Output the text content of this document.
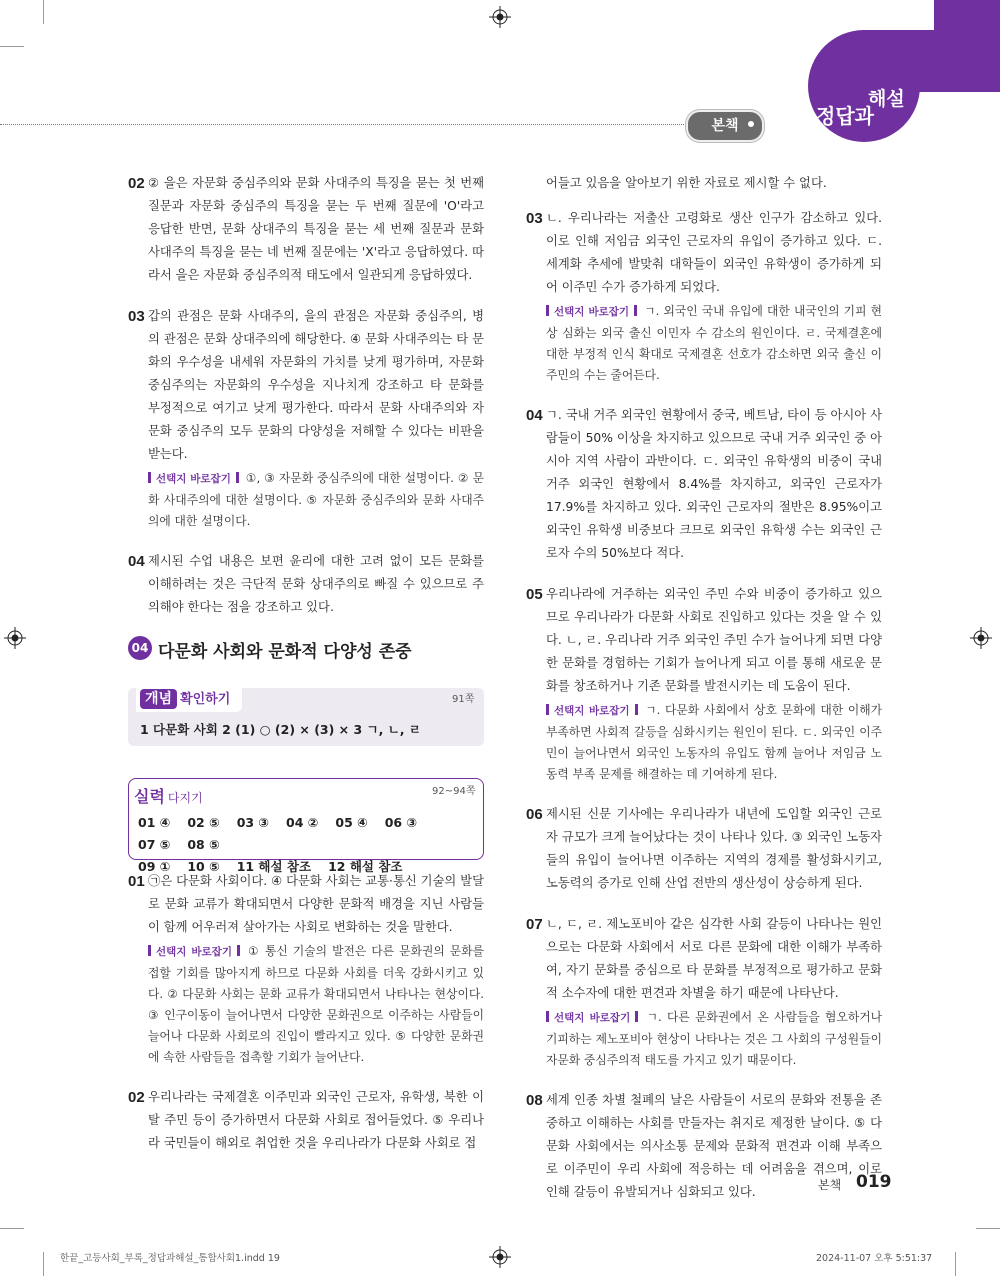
본책	정답과
해설
02 ② 을은 자문화 중심주의와 문화 사대주의 특징을 묻는 첫 번째 질문과 자문화 중심주의 특징을 묻는 두 번째 질문에 'O'라고 응답한 반면, 문화 상대주의 특징을 묻는 세 번째 질문과 문화 사대주의 특징을 묻는 네 번째 질문에는 'X'라고 응답하였다. 따라서 을은 자문화 중심주의적 태도에서 일관되게 응답하였다.
03 갑의 관점은 문화 사대주의, 을의 관점은 자문화 중심주의, 병의 관점은 문화 상대주의에 해당한다. ④ 문화 사대주의는 타 문화의 우수성을 내세워 자문화의 가치를 낮게 평가하며, 자문화 중심주의는 자문화의 우수성을 지나치게 강조하고 타 문화를 부정적으로 여기고 낮게 평가한다. 따라서 문화 사대주의와 자문화 중심주의 모두 문화의 다양성을 저해할 수 있다는 비판을 받는다.
선택지 바로잡기 ①, ③ 자문화 중심주의에 대한 설명이다. ② 문화 사대주의에 대한 설명이다. ⑤ 자문화 중심주의와 문화 사대주의에 대한 설명이다.
04 제시된 수업 내용은 보편 윤리에 대한 고려 없이 모든 문화를 이해하려는 것은 극단적 문화 상대주의로 빠질 수 있으므로 주의해야 한다는 점을 강조하고 있다.
04 다문화 사회와 문화적 다양성 존중
개념 확인하기	91쪽
1 다문화 사회 2 (1) ○ (2) × (3) × 3 ㄱ, ㄴ, ㄹ
실력 다지기	92~94쪽
01 ④ 02 ⑤ 03 ③ 04 ② 05 ④ 06 ③
07 ⑤ 08 ⑤
09 ① 10 ⑤ 11 해설 참조 12 해설 참조
01 ㉠은 다문화 사회이다. ④ 다문화 사회는 교통·통신 기술의 발달로 문화 교류가 확대되면서 다양한 문화적 배경을 지닌 사람들이 함께 어우러져 살아가는 사회로 변화하는 것을 말한다.
선택지 바로잡기 ① 통신 기술의 발전은 다른 문화권의 문화를 접할 기회를 많아지게 하므로 다문화 사회를 더욱 강화시키고 있다. ② 다문화 사회는 문화 교류가 확대되면서 나타나는 현상이다. ③ 인구이동이 늘어나면서 다양한 문화권으로 이주하는 사람들이 늘어나 다문화 사회로의 진입이 빨라지고 있다. ⑤ 다양한 문화권에 속한 사람들을 접촉할 기회가 늘어난다.
02 우리나라는 국제결혼 이주민과 외국인 근로자, 유학생, 북한 이탈 주민 등이 증가하면서 다문화 사회로 접어들었다. ⑤ 우리나라 국민들이 해외로 취업한 것을 우리나라가 다문화 사회로 접
어들고 있음을 알아보기 위한 자료로 제시할 수 없다.
03 ㄴ. 우리나라는 저출산 고령화로 생산 인구가 감소하고 있다. 이로 인해 저임금 외국인 근로자의 유입이 증가하고 있다. ㄷ. 세계화 추세에 발맞춰 대학들이 외국인 유학생이 증가하게 되어 이주민 수가 증가하게 되었다.
선택지 바로잡기 ㄱ. 외국인 국내 유입에 대한 내국인의 기피 현상 심화는 외국 출신 이민자 수 감소의 원인이다. ㄹ. 국제결혼에 대한 부정적 인식 확대로 국제결혼 선호가 감소하면 외국 출신 이주민의 수는 줄어든다.
04 ㄱ. 국내 거주 외국인 현황에서 중국, 베트남, 타이 등 아시아 사람들이 50% 이상을 차지하고 있으므로 국내 거주 외국인 중 아시아 지역 사람이 과반이다. ㄷ. 외국인 유학생의 비중이 국내 거주 외국인 현황에서 8.4%를 차지하고, 외국인 근로자가 17.9%를 차지하고 있다. 외국인 근로자의 절반은 8.95%이고 외국인 유학생 비중보다 크므로 외국인 유학생 수는 외국인 근로자 수의 50%보다 적다.
05 우리나라에 거주하는 외국인 주민 수와 비중이 증가하고 있으므로 우리나라가 다문화 사회로 진입하고 있다는 것을 알 수 있다. ㄴ, ㄹ. 우리나라 거주 외국인 주민 수가 늘어나게 되면 다양한 문화를 경험하는 기회가 늘어나게 되고 이를 통해 새로운 문화를 창조하거나 기존 문화를 발전시키는 데 도움이 된다.
선택지 바로잡기 ㄱ. 다문화 사회에서 상호 문화에 대한 이해가 부족하면 사회적 갈등을 심화시키는 원인이 된다. ㄷ. 외국인 이주민이 늘어나면서 외국인 노동자의 유입도 함께 늘어나 저임금 노동력 부족 문제를 해결하는 데 기여하게 된다.
06 제시된 신문 기사에는 우리나라가 내년에 도입할 외국인 근로자 규모가 크게 늘어났다는 것이 나타나 있다. ③ 외국인 노동자들의 유입이 늘어나면 이주하는 지역의 경제를 활성화시키고, 노동력의 증가로 인해 산업 전반의 생산성이 상승하게 된다.
07 ㄴ, ㄷ, ㄹ. 제노포비아 같은 심각한 사회 갈등이 나타나는 원인으로는 다문화 사회에서 서로 다른 문화에 대한 이해가 부족하여, 자기 문화를 중심으로 타 문화를 부정적으로 평가하고 문화적 소수자에 대한 편견과 차별을 하기 때문에 나타난다.
선택지 바로잡기 ㄱ. 다른 문화권에서 온 사람들을 혐오하거나 기피하는 제노포비아 현상이 나타나는 것은 그 사회의 구성원들이 자문화 중심주의적 태도를 가지고 있기 때문이다.
08 세계 인종 차별 철폐의 날은 사람들이 서로의 문화와 전통을 존중하고 이해하는 사회를 만들자는 취지로 제정한 날이다. ⑤ 다문화 사회에서는 의사소통 문제와 문화적 편견과 이해 부족으로 이주민이 우리 사회에 적응하는 데 어려움을 겪으며, 이로 인해 갈등이 유발되거나 심화되고 있다.	본책 019
한끝_고등사회_부록_정답과해설_통합사회1.indd 19	2024-11-07 오후 5:51:37
